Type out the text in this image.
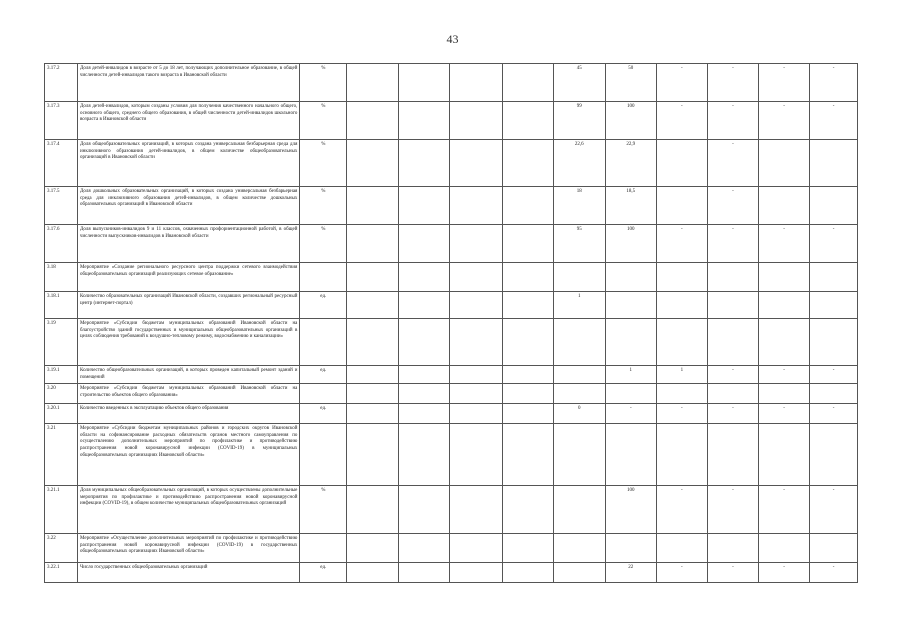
43
3.17.2	Доля детей-инвалидов в возрасте от 5 до 18 лет, получающих дополнительное образование, в общей численности детей-инвалидов такого возраста в Ивановской области	%					45	50	-	-	-	-
3.17.3	Доля детей-инвалидов, которым созданы условия для получения качественного начального общего, основного общего, среднего общего образования, в общей численности детей-инвалидов школьного возраста в Ивановской области	%					99	100	-	-	-	-
3.17.4	Доля общеобразовательных организаций, в которых создана универсальная безбарьерная среда для инклюзивного образования детей-инвалидов, в общем количестве общеобразовательных организаций в Ивановской области	%					22,6	22,9		-		
3.17.5	Доля дошкольных образовательных организаций, в которых создана универсальная безбарьерная среда для инклюзивного образования детей-инвалидов, в общем количестве дошкольных образовательных организаций в Ивановской области	%					18	18,5		-		
3.17.6	Доля выпускников-инвалидов 9 и 11 классов, охваченных профориентационной работой, в общей численности выпускников-инвалидов в Ивановской области	%					95	100	-	-	-	-
3.18	Мероприятие «Создание регионального ресурсного центра поддержки сетевого взаимодействия общеобразовательных организаций реализующих сетевое образование»											
3.18.1	Количество образовательных организаций Ивановской области, создавших региональный ресурсный центр (интернет-портал)	ед.					1					
3.19	Мероприятие «Субсидии бюджетам муниципальных образований Ивановской области на благоустройство зданий государственных и муниципальных общеобразовательных организаций в целях соблюдения требований к воздушно-тепловому режиму, водоснабжению и канализации»											
3.19.1	Количество общеобразовательных организаций, в которых проведен капитальный ремонт зданий и помещений	ед.						1	1	-	-	-
3.20	Мероприятие «Субсидии бюджетам муниципальных образований Ивановской области на строительство объектов общего образования»											
3.20.1	Количество введенных в эксплуатацию объектов общего образования	ед.					0	-	-	-	-	-
3.21	Мероприятие «Субсидии бюджетам муниципальных районов и городских округов Ивановской области на софинансирование расходных обязательств органов местного самоуправления по осуществлению дополнительных мероприятий по профилактике и противодействию распространения новой коронавирусной инфекции (COVID-19) в муниципальных общеобразовательных организациях Ивановской области»											
3.21.1	Доля муниципальных общеобразовательных организаций, в которых осуществлены дополнительные мероприятия по профилактике и противодействию распространения новой коронавирусной инфекции (COVID-19), в общем количестве муниципальных общеобразовательных организаций	%						100	-	-	-	-
3.22	Мероприятие «Осуществление дополнительных мероприятий по профилактике и противодействию распространения новой коронавирусной инфекции (COVID-19) в государственных общеобразовательных организациях Ивановской области»											
3.22.1	Число государственных общеобразовательных организаций	ед.						22	-	-	-	-
